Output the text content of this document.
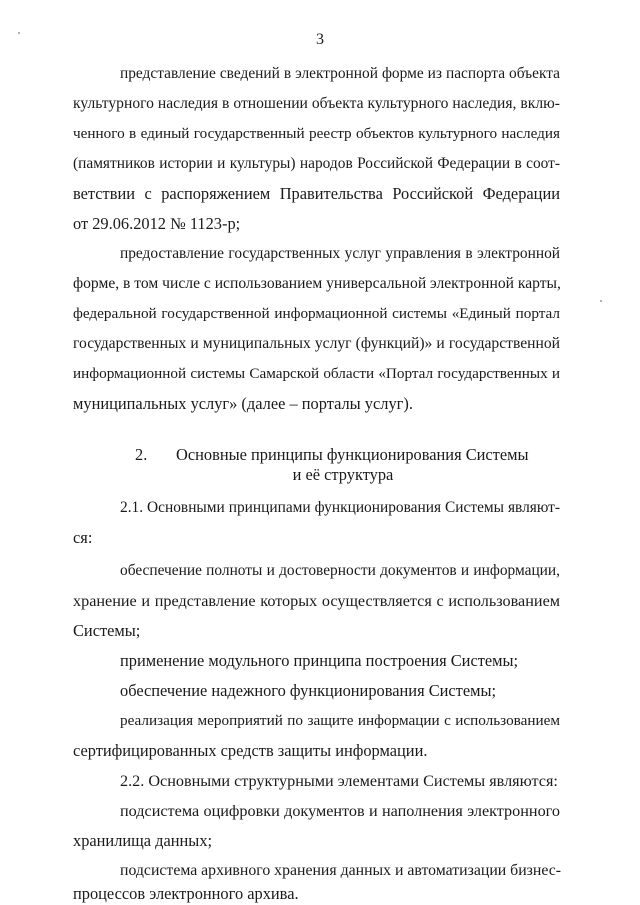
3
представление сведений в электронной форме из паспорта объекта
культурного наследия в отношении объекта культурного наследия, вклю-
ченного в единый государственный реестр объектов культурного наследия
(памятников истории и культуры) народов Российской Федерации в соот-
ветствии с распоряжением Правительства Российской Федерации
от 29.06.2012 № 1123-р;
предоставление государственных услуг управления в электронной
форме, в том числе с использованием универсальной электронной карты,
федеральной государственной информационной системы «Единый портал
государственных и муниципальных услуг (функций)» и государственной
информационной системы Самарской области «Портал государственных и
муниципальных услуг» (далее – порталы услуг).
2. Основные принципы функционирования Системы
и её структура
2.1. Основными принципами функционирования Системы являют-
ся:
обеспечение полноты и достоверности документов и информации,
хранение и представление которых осуществляется с использованием
Системы;
применение модульного принципа построения Системы;
обеспечение надежного функционирования Системы;
реализация мероприятий по защите информации с использованием
сертифицированных средств защиты информации.
2.2. Основными структурными элементами Системы являются:
подсистема оцифровки документов и наполнения электронного
хранилища данных;
подсистема архивного хранения данных и автоматизации бизнес-
процессов электронного архива.
